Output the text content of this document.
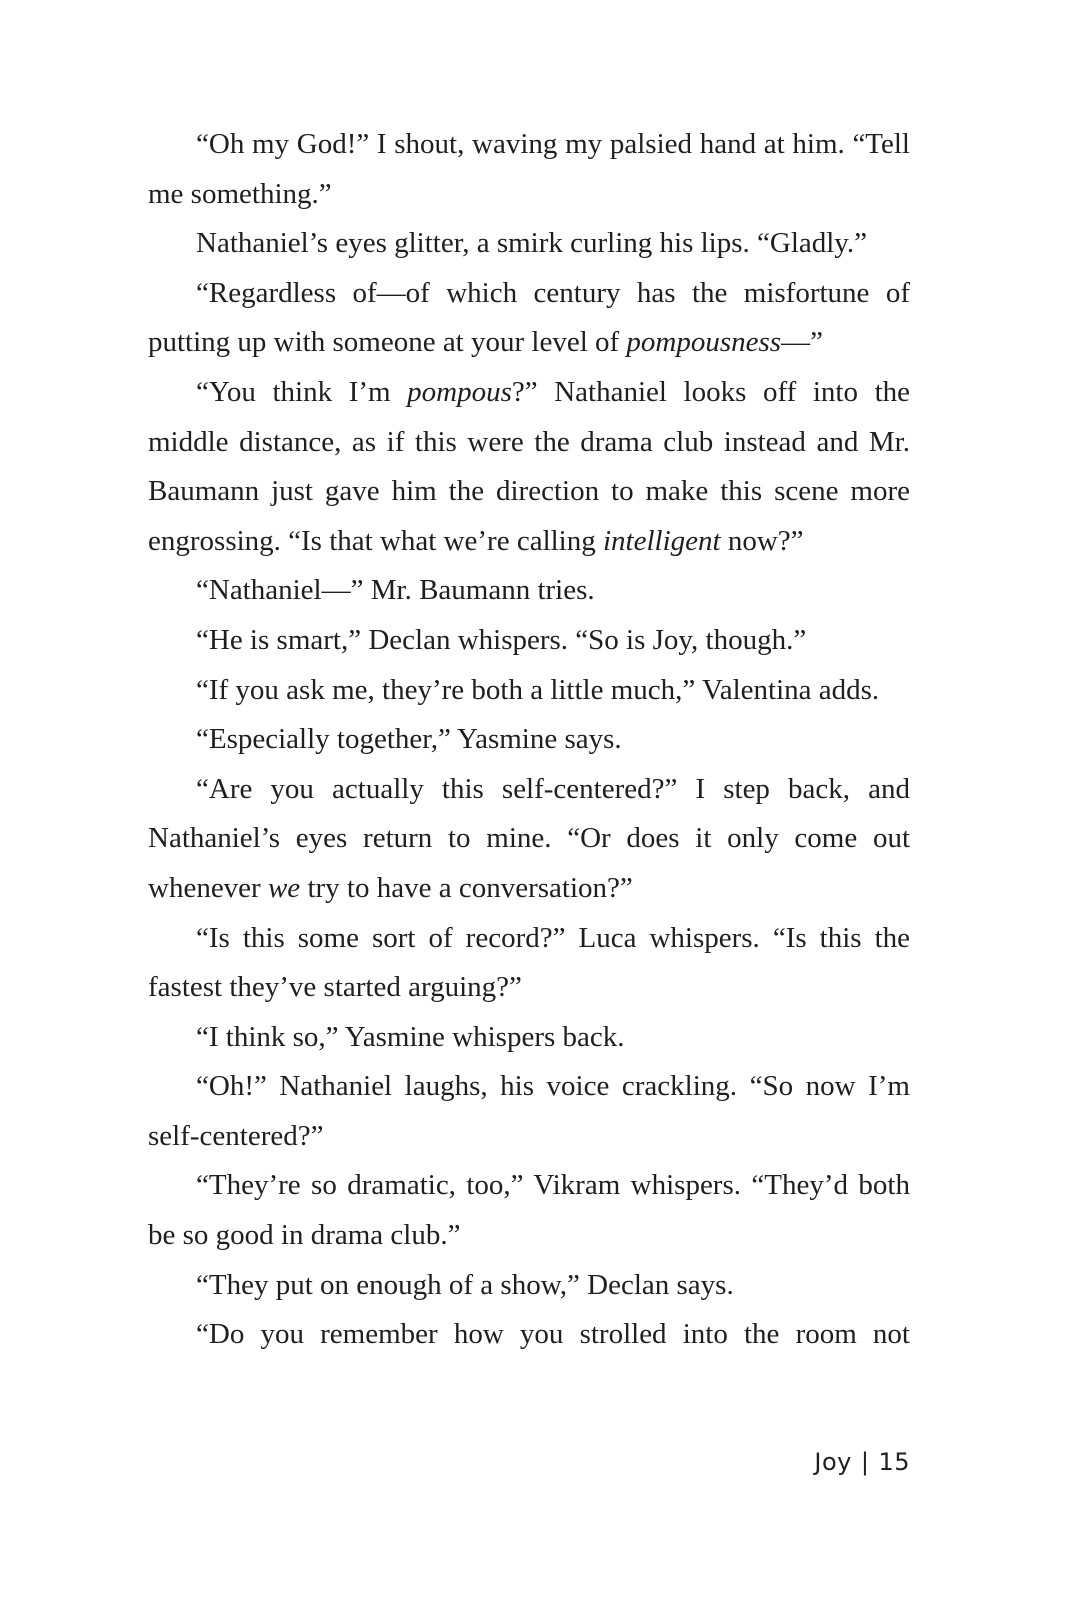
“Oh my God!” I shout, waving my palsied hand at him. “Tell me something.”

Nathaniel’s eyes glitter, a smirk curling his lips. “Gladly.”

“Regardless of—of which century has the misfortune of putting up with someone at your level of pompousness—”

“You think I’m pompous?” Nathaniel looks off into the middle distance, as if this were the drama club instead and Mr. Baumann just gave him the direction to make this scene more engrossing. “Is that what we’re calling intelligent now?”

“Nathaniel—” Mr. Baumann tries.

“He is smart,” Declan whispers. “So is Joy, though.”

“If you ask me, they’re both a little much,” Valentina adds.

“Especially together,” Yasmine says.

“Are you actually this self-centered?” I step back, and Nathaniel’s eyes return to mine. “Or does it only come out whenever we try to have a conversation?”

“Is this some sort of record?” Luca whispers. “Is this the fastest they’ve started arguing?”

“I think so,” Yasmine whispers back.

“Oh!” Nathaniel laughs, his voice crackling. “So now I’m self-centered?”

“They’re so dramatic, too,” Vikram whispers. “They’d both be so good in drama club.”

“They put on enough of a show,” Declan says.

“Do you remember how you strolled into the room not

Joy | 15
